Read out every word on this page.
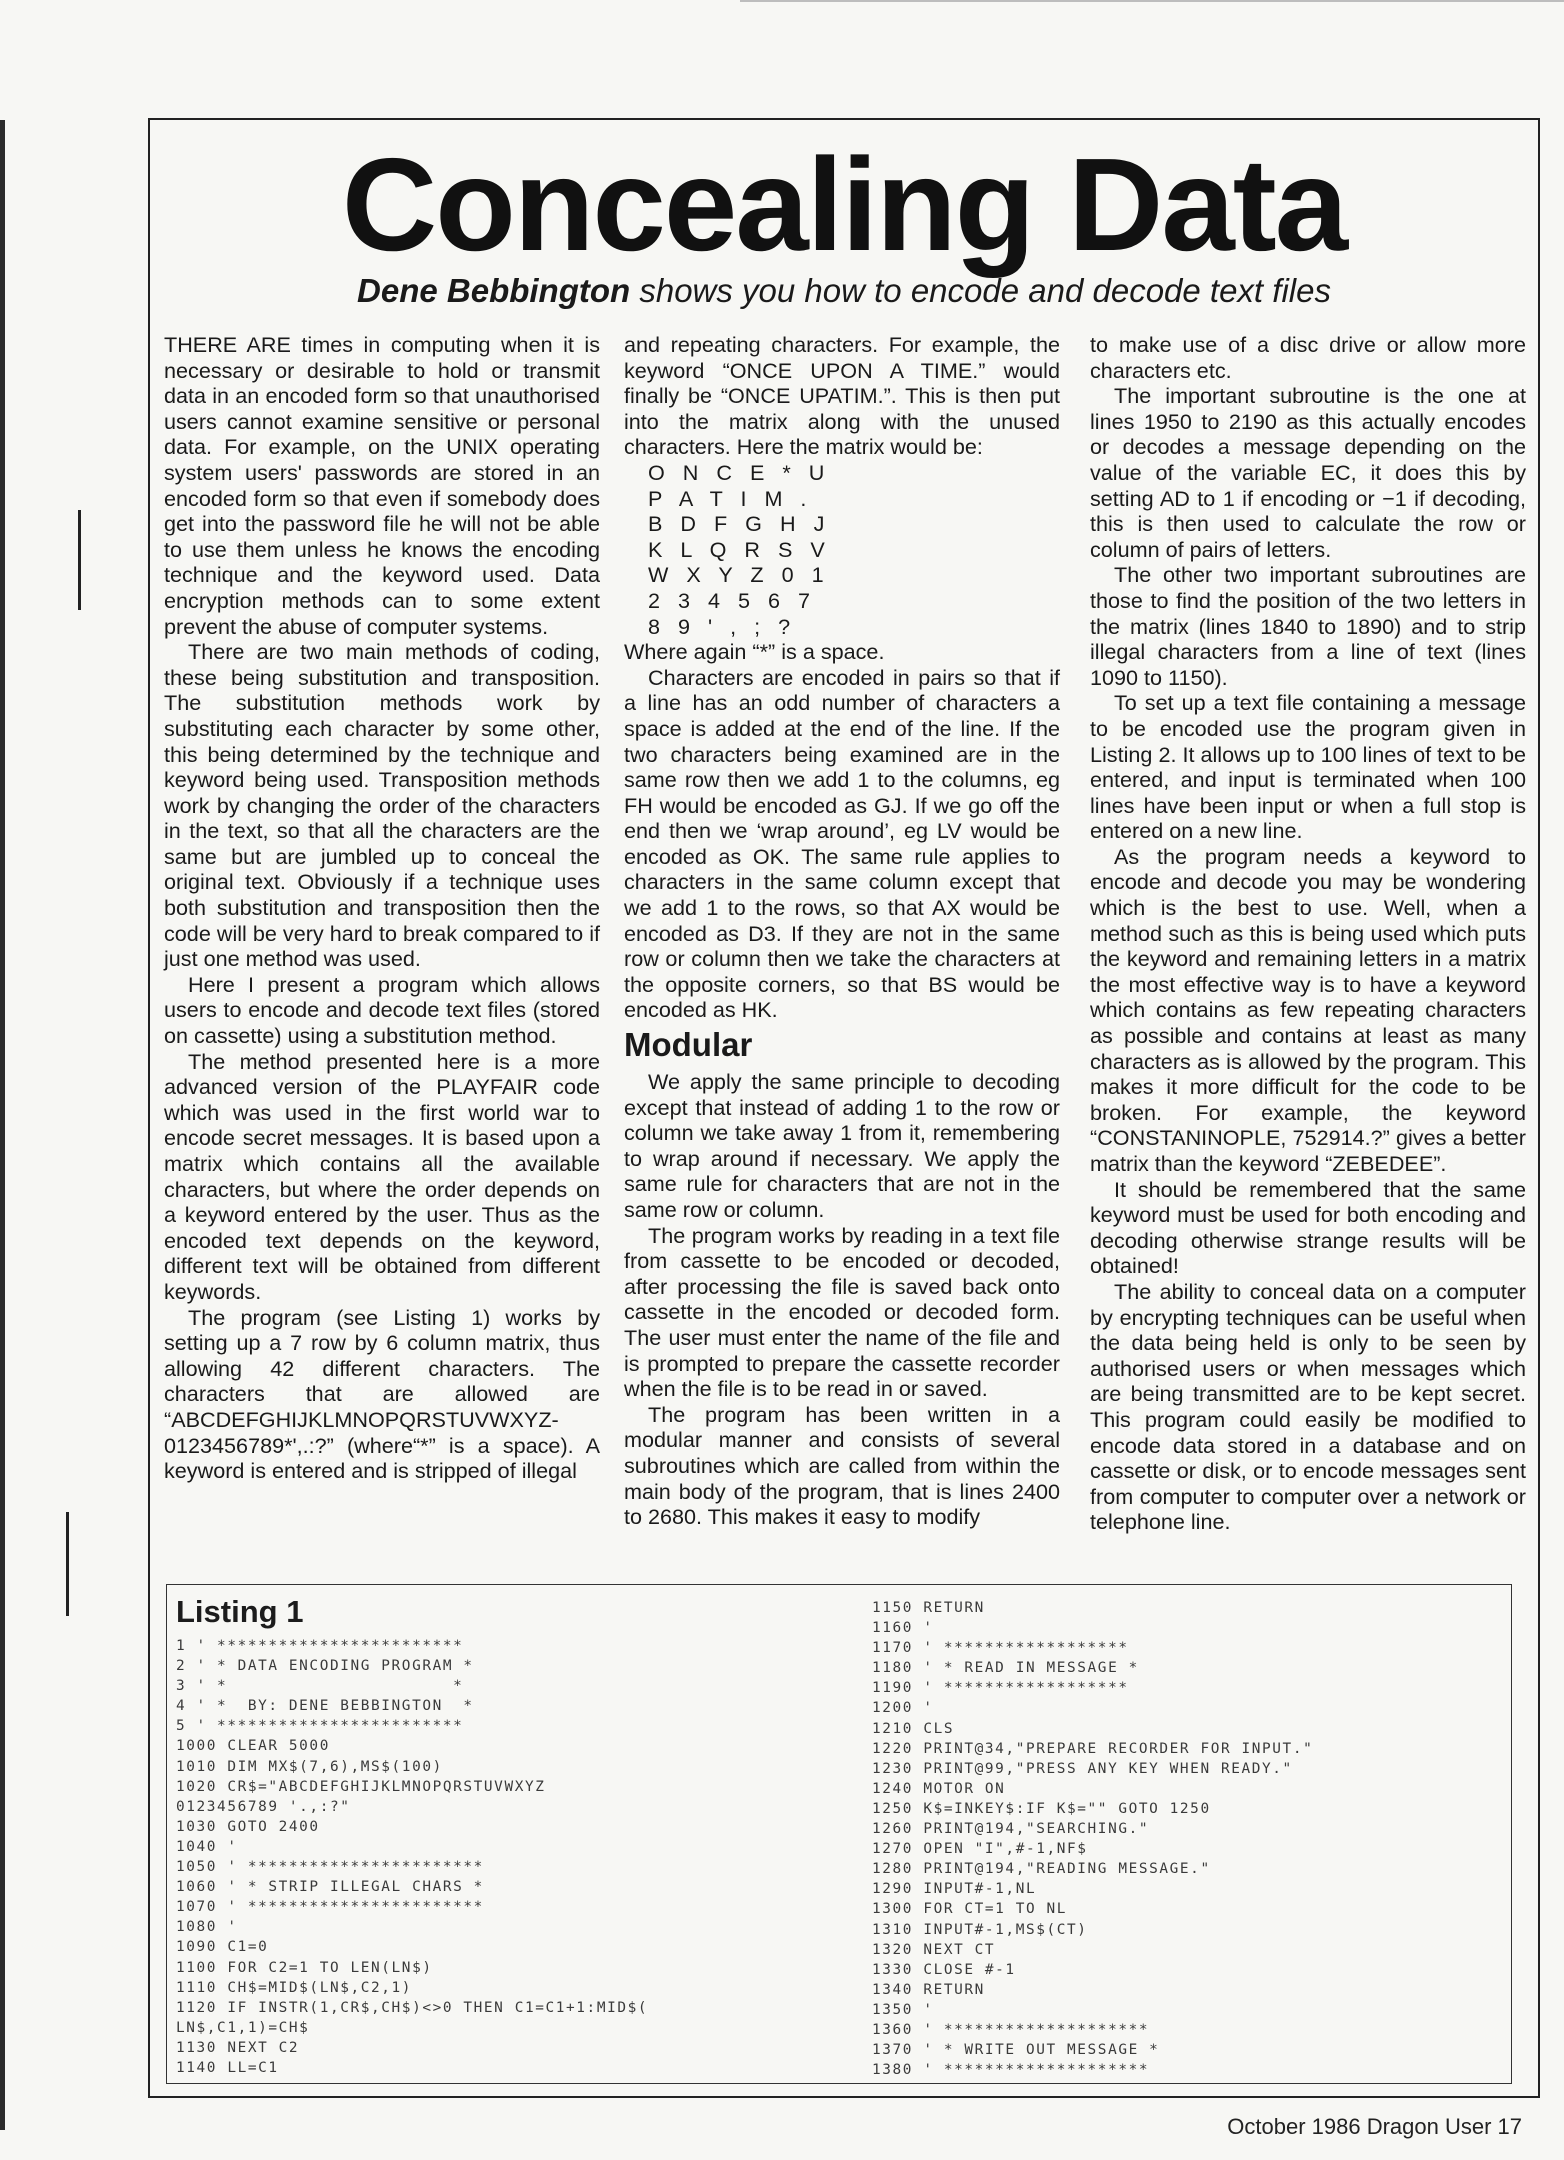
Concealing Data
Dene Bebbington shows you how to encode and decode text files

THERE ARE times in computing when it is necessary or desirable to hold or transmit data in an encoded form so that unauthorised users cannot examine sensitive or personal data. For example, on the UNIX operating system users' passwords are stored in an encoded form so that even if somebody does get into the password file he will not be able to use them unless he knows the encoding technique and the keyword used. Data encryption methods can to some extent prevent the abuse of computer systems.

There are two main methods of coding, these being substitution and transposition. The substitution methods work by substituting each character by some other, this being determined by the technique and keyword being used. Transposition methods work by changing the order of the characters in the text, so that all the characters are the same but are jumbled up to conceal the original text. Obviously if a technique uses both substitution and transposition then the code will be very hard to break compared to if just one method was used.

Here I present a program which allows users to encode and decode text files (stored on cassette) using a substitution method.

The method presented here is a more advanced version of the PLAYFAIR code which was used in the first world war to encode secret messages. It is based upon a matrix which contains all the available characters, but where the order depends on a keyword entered by the user. Thus as the encoded text depends on the keyword, different text will be obtained from different keywords.

The program (see Listing 1) works by setting up a 7 row by 6 column matrix, thus allowing 42 different characters. The characters that are allowed are “ABCDEFGHIJKLMNOPQRSTUVWXYZ-0123456789*',.:?” (where“*” is a space). A keyword is entered and is stripped of illegal

and repeating characters. For example, the keyword “ONCE UPON A TIME.” would finally be “ONCE UPATIM.”. This is then put into the matrix along with the unused characters. Here the matrix would be:

O N C E * U
P A T I M .
B D F G H J
K L Q R S V
W X Y Z 0 1
2 3 4 5 6 7
8 9 ' , ; ?

Where again “*” is a space.

Characters are encoded in pairs so that if a line has an odd number of characters a space is added at the end of the line. If the two characters being examined are in the same row then we add 1 to the columns, eg FH would be encoded as GJ. If we go off the end then we ‘wrap around’, eg LV would be encoded as OK. The same rule applies to characters in the same column except that we add 1 to the rows, so that AX would be encoded as D3. If they are not in the same row or column then we take the characters at the opposite corners, so that BS would be encoded as HK.

Modular

We apply the same principle to decoding except that instead of adding 1 to the row or column we take away 1 from it, remembering to wrap around if necessary. We apply the same rule for characters that are not in the same row or column.

The program works by reading in a text file from cassette to be encoded or decoded, after processing the file is saved back onto cassette in the encoded or decoded form. The user must enter the name of the file and is prompted to prepare the cassette recorder when the file is to be read in or saved.

The program has been written in a modular manner and consists of several subroutines which are called from within the main body of the program, that is lines 2400 to 2680. This makes it easy to modify

to make use of a disc drive or allow more characters etc.

The important subroutine is the one at lines 1950 to 2190 as this actually encodes or decodes a message depending on the value of the variable EC, it does this by setting AD to 1 if encoding or −1 if decoding, this is then used to calculate the row or column of pairs of letters.

The other two important subroutines are those to find the position of the two letters in the matrix (lines 1840 to 1890) and to strip illegal characters from a line of text (lines 1090 to 1150).

To set up a text file containing a message to be encoded use the program given in Listing 2. It allows up to 100 lines of text to be entered, and input is terminated when 100 lines have been input or when a full stop is entered on a new line.

As the program needs a keyword to encode and decode you may be wondering which is the best to use. Well, when a method such as this is being used which puts the keyword and remaining letters in a matrix the most effective way is to have a keyword which contains as few repeating characters as possible and contains at least as many characters as is allowed by the program. This makes it more difficult for the code to be broken. For example, the keyword “CONSTANINOPLE, 752914.?” gives a better matrix than the keyword “ZEBEDEE”.

It should be remembered that the same keyword must be used for both encoding and decoding otherwise strange results will be obtained!

The ability to conceal data on a computer by encrypting techniques can be useful when the data being held is only to be seen by authorised users or when messages which are being transmitted are to be kept secret. This program could easily be modified to encode data stored in a database and on cassette or disk, or to encode messages sent from computer to computer over a network or telephone line.

Listing 1
1 ' ************************
2 ' * DATA ENCODING PROGRAM *
3 ' *                      *
4 ' *  BY: DENE BEBBINGTON  *
5 ' ************************
1000 CLEAR 5000
1010 DIM MX$(7,6),MS$(100)
1020 CR$="ABCDEFGHIJKLMNOPQRSTUVWXYZ
0123456789 '.,:?"
1030 GOTO 2400
1040 '
1050 ' ***********************
1060 ' * STRIP ILLEGAL CHARS *
1070 ' ***********************
1080 '
1090 C1=0
1100 FOR C2=1 TO LEN(LN$)
1110 CH$=MID$(LN$,C2,1)
1120 IF INSTR(1,CR$,CH$)<>0 THEN C1=C1+1:MID$(
LN$,C1,1)=CH$
1130 NEXT C2
1140 LL=C1
1150 RETURN
1160 '
1170 ' ******************
1180 ' * READ IN MESSAGE *
1190 ' ******************
1200 '
1210 CLS
1220 PRINT@34,"PREPARE RECORDER FOR INPUT."
1230 PRINT@99,"PRESS ANY KEY WHEN READY."
1240 MOTOR ON
1250 K$=INKEY$:IF K$="" GOTO 1250
1260 PRINT@194,"SEARCHING."
1270 OPEN "I",#-1,NF$
1280 PRINT@194,"READING MESSAGE."
1290 INPUT#-1,NL
1300 FOR CT=1 TO NL
1310 INPUT#-1,MS$(CT)
1320 NEXT CT
1330 CLOSE #-1
1340 RETURN
1350 '
1360 ' ********************
1370 ' * WRITE OUT MESSAGE *
1380 ' ********************
October 1986 Dragon User 17
